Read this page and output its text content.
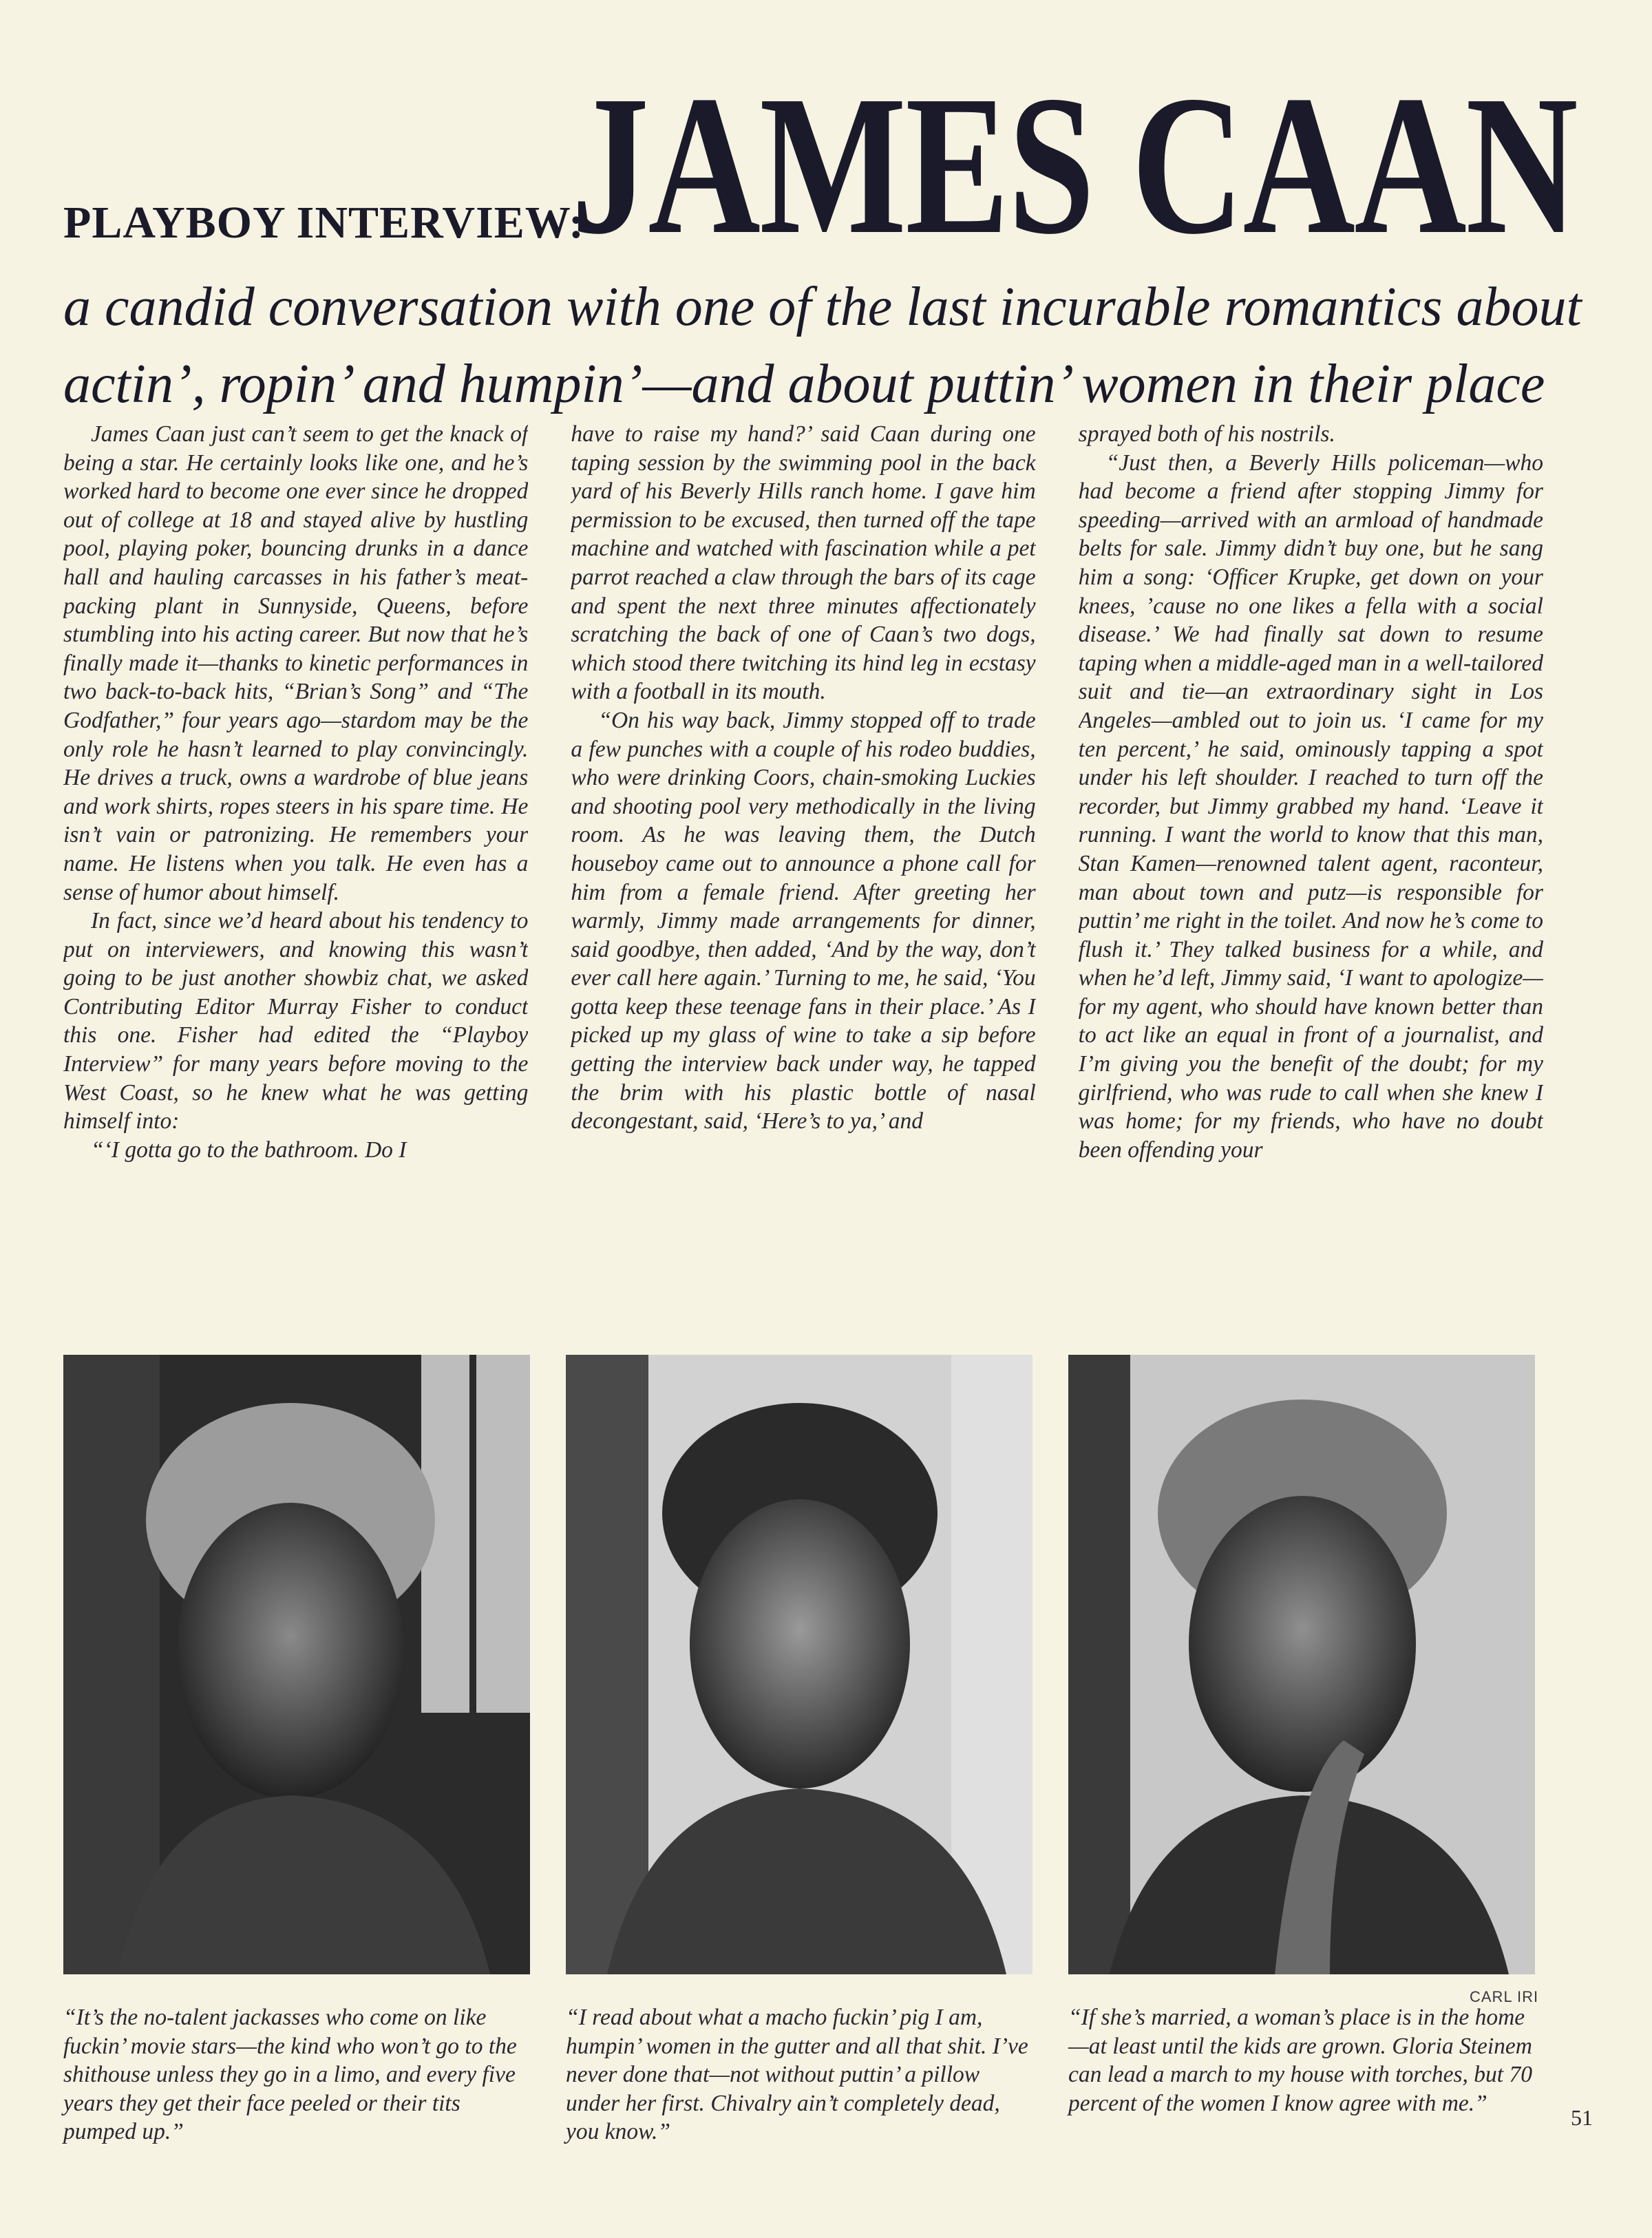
PLAYBOY INTERVIEW:
JAMES CAAN
a candid conversation with one of the last incurable romantics about
actin’, ropin’ and humpin’—and about puttin’ women in their place

James Caan just can’t seem to get the knack of being a star. He certainly looks like one, and he’s worked hard to become one ever since he dropped out of college at 18 and stayed alive by hustling pool, playing poker, bouncing drunks in a dance hall and hauling carcasses in his father’s meat-packing plant in Sunnyside, Queens, before stumbling into his acting career. But now that he’s finally made it—thanks to kinetic performances in two back-to-back hits, “Brian’s Song” and “The Godfather,” four years ago—stardom may be the only role he hasn’t learned to play convincingly. He drives a truck, owns a wardrobe of blue jeans and work shirts, ropes steers in his spare time. He isn’t vain or patronizing. He remembers your name. He listens when you talk. He even has a sense of humor about himself.

In fact, since we’d heard about his tendency to put on interviewers, and knowing this wasn’t going to be just another showbiz chat, we asked Contributing Editor Murray Fisher to conduct this one. Fisher had edited the “Playboy Interview” for many years before moving to the West Coast, so he knew what he was getting himself into:

“‘I gotta go to the bathroom. Do I

have to raise my hand?’ said Caan during one taping session by the swimming pool in the back yard of his Beverly Hills ranch home. I gave him permission to be excused, then turned off the tape machine and watched with fascination while a pet parrot reached a claw through the bars of its cage and spent the next three minutes affectionately scratching the back of one of Caan’s two dogs, which stood there twitching its hind leg in ecstasy with a football in its mouth.

“On his way back, Jimmy stopped off to trade a few punches with a couple of his rodeo buddies, who were drinking Coors, chain-smoking Luckies and shooting pool very methodically in the living room. As he was leaving them, the Dutch houseboy came out to announce a phone call for him from a female friend. After greeting her warmly, Jimmy made arrangements for dinner, said goodbye, then added, ‘And by the way, don’t ever call here again.’ Turning to me, he said, ‘You gotta keep these teenage fans in their place.’ As I picked up my glass of wine to take a sip before getting the interview back under way, he tapped the brim with his plastic bottle of nasal decongestant, said, ‘Here’s to ya,’ and

sprayed both of his nostrils.

“Just then, a Beverly Hills policeman—who had become a friend after stopping Jimmy for speeding—arrived with an armload of handmade belts for sale. Jimmy didn’t buy one, but he sang him a song: ‘Officer Krupke, get down on your knees, ’cause no one likes a fella with a social disease.’ We had finally sat down to resume taping when a middle-aged man in a well-tailored suit and tie—an extraordinary sight in Los Angeles—ambled out to join us. ‘I came for my ten percent,’ he said, ominously tapping a spot under his left shoulder. I reached to turn off the recorder, but Jimmy grabbed my hand. ‘Leave it running. I want the world to know that this man, Stan Kamen—renowned talent agent, raconteur, man about town and putz—is responsible for puttin’ me right in the toilet. And now he’s come to flush it.’ They talked business for a while, and when he’d left, Jimmy said, ‘I want to apologize—for my agent, who should have known better than to act like an equal in front of a journalist, and I’m giving you the benefit of the doubt; for my girlfriend, who was rude to call when she knew I was home; for my friends, who have no doubt been offending your

CARL IRI
“It’s the no-talent jackasses who come on like fuckin’ movie stars—the kind who won’t go to the shithouse unless they go in a limo, and every five years they get their face peeled or their tits pumped up.”
“I read about what a macho fuckin’ pig I am, humpin’ women in the gutter and all that shit. I’ve never done that—not without puttin’ a pillow under her first. Chivalry ain’t completely dead, you know.”
“If she’s married, a woman’s place is in the home—at least until the kids are grown. Gloria Steinem can lead a march to my house with torches, but 70 percent of the women I know agree with me.”
51
